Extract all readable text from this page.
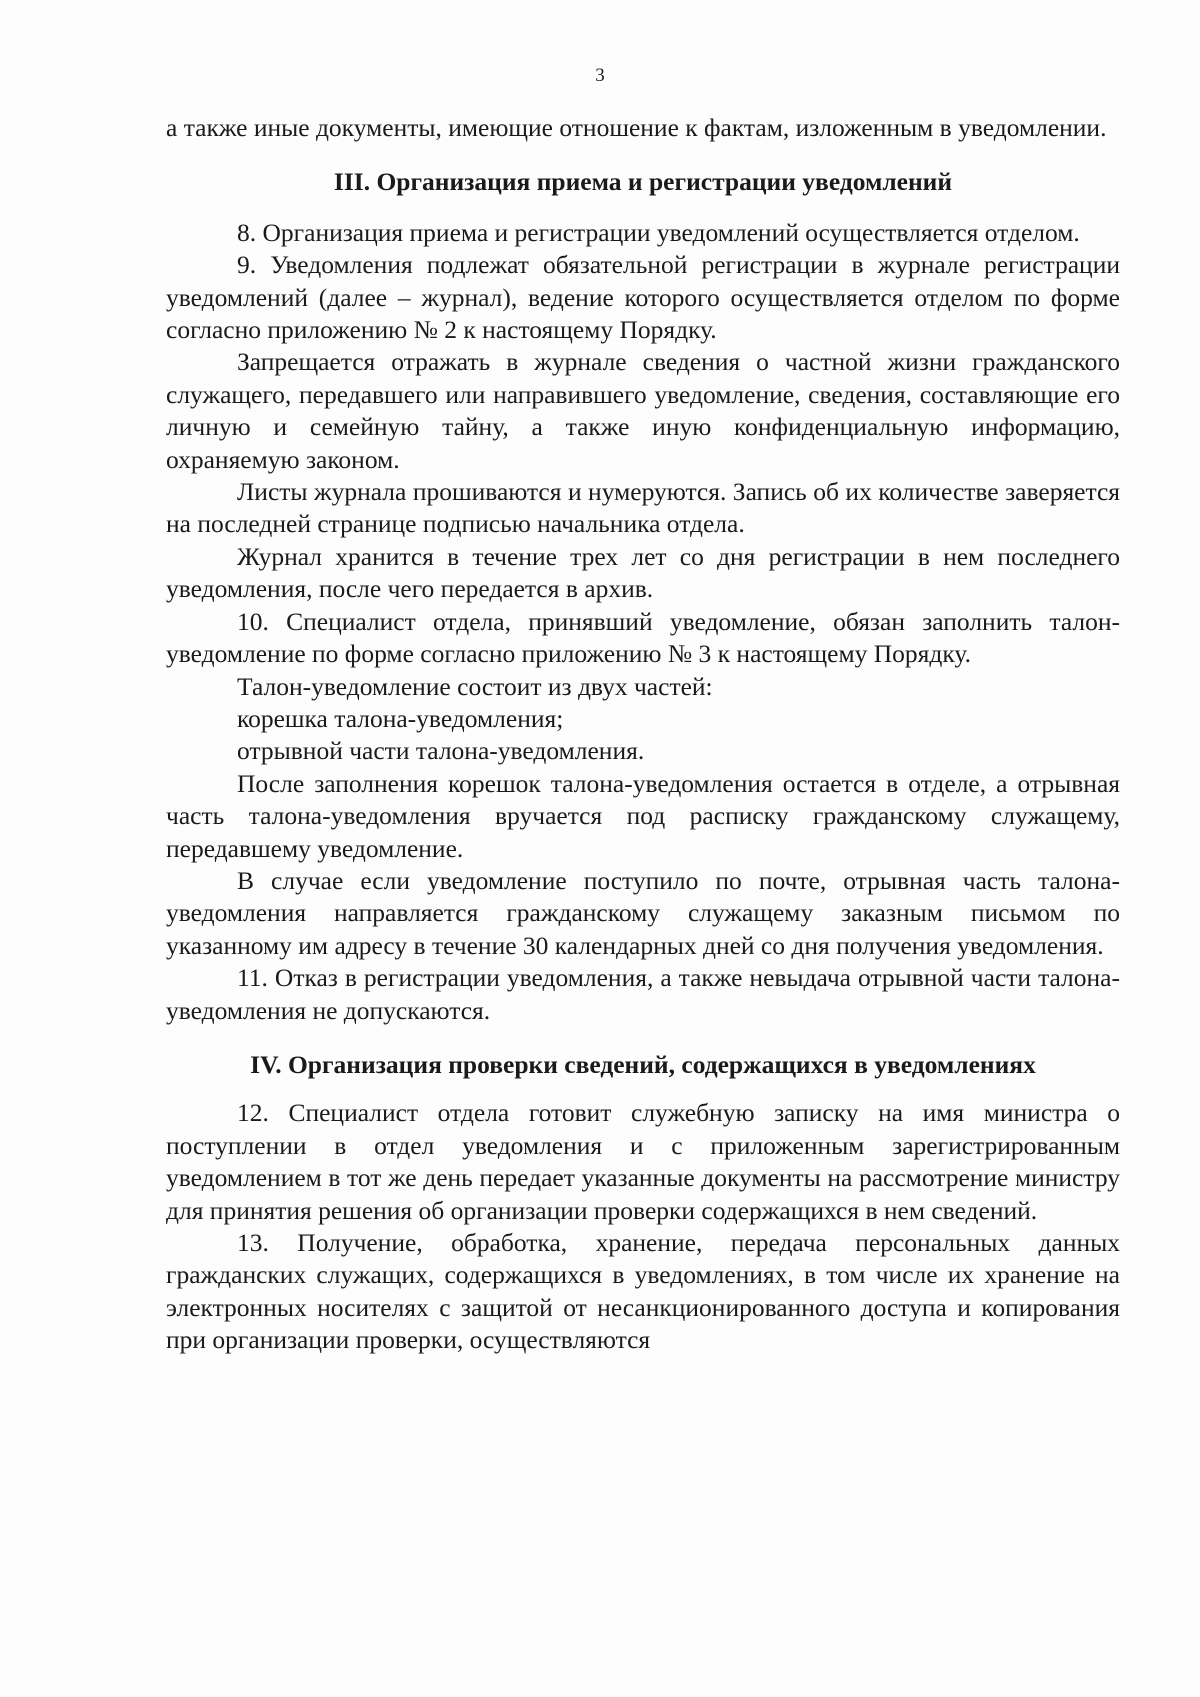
3

а также иные документы, имеющие отношение к фактам, изложенным в уведомлении.

III. Организация приема и регистрации уведомлений

8. Организация приема и регистрации уведомлений осуществляется отделом.

9. Уведомления подлежат обязательной регистрации в журнале регистрации уведомлений (далее – журнал), ведение которого осуществляется отделом по форме согласно приложению № 2 к настоящему Порядку.

Запрещается отражать в журнале сведения о частной жизни гражданского служащего, передавшего или направившего уведомление, сведения, составляющие его личную и семейную тайну, а также иную конфиденциальную информацию, охраняемую законом.

Листы журнала прошиваются и нумеруются. Запись об их количестве заверяется на последней странице подписью начальника отдела.

Журнал хранится в течение трех лет со дня регистрации в нем последнего уведомления, после чего передается в архив.

10. Специалист отдела, принявший уведомление, обязан заполнить талон-уведомление по форме согласно приложению № 3 к настоящему Порядку.

Талон-уведомление состоит из двух частей:

корешка талона-уведомления;

отрывной части талона-уведомления.

После заполнения корешок талона-уведомления остается в отделе, а отрывная часть талона-уведомления вручается под расписку гражданскому служащему, передавшему уведомление.

В случае если уведомление поступило по почте, отрывная часть талона-уведомления направляется гражданскому служащему заказным письмом по указанному им адресу в течение 30 календарных дней со дня получения уведомления.

11. Отказ в регистрации уведомления, а также невыдача отрывной части талона-уведомления не допускаются.

IV. Организация проверки сведений, содержащихся в уведомлениях

12. Специалист отдела готовит служебную записку на имя министра о поступлении в отдел уведомления и с приложенным зарегистрированным уведомлением в тот же день передает указанные документы на рассмотрение министру для принятия решения об организации проверки содержащихся в нем сведений.

13. Получение, обработка, хранение, передача персональных данных гражданских служащих, содержащихся в уведомлениях, в том числе их хранение на электронных носителях с защитой от несанкционированного доступа и копирования при организации проверки, осуществляются
